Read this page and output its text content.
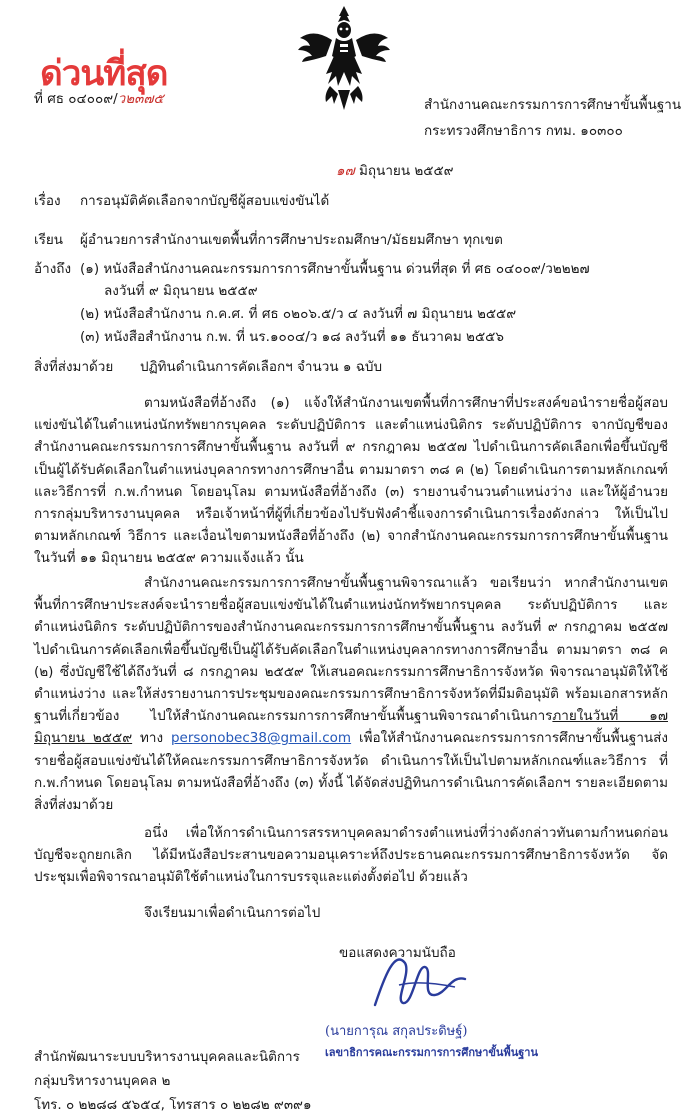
ด่วนที่สุด
ที่ ศธ ๐๔๐๐๙/ว๒๓๗๕	สำนักงานคณะกรรมการการศึกษาขั้นพื้นฐาน
กระทรวงศึกษาธิการ กทม. ๑๐๓๐๐
๑๗ มิถุนายน ๒๕๕๙
เรื่อง การอนุมัติคัดเลือกจากบัญชีผู้สอบแข่งขันได้
เรียน ผู้อำนวยการสำนักงานเขตพื้นที่การศึกษาประถมศึกษา/มัธยมศึกษา ทุกเขต
อ้างถึง (๑) หนังสือสำนักงานคณะกรรมการการศึกษาขั้นพื้นฐาน ด่วนที่สุด ที่ ศธ ๐๔๐๐๙/ว๒๒๒๗
ลงวันที่ ๙ มิถุนายน ๒๕๕๙
(๒) หนังสือสำนักงาน ก.ค.ศ. ที่ ศธ ๐๒๐๖.๕/ว ๔ ลงวันที่ ๗ มิถุนายน ๒๕๕๙
(๓) หนังสือสำนักงาน ก.พ. ที่ นร.๑๐๐๔/ว ๑๘ ลงวันที่ ๑๑ ธันวาคม ๒๕๕๖
สิ่งที่ส่งมาด้วย ปฏิทินดำเนินการคัดเลือกฯ จำนวน ๑ ฉบับ
ตามหนังสือที่อ้างถึง (๑) แจ้งให้สำนักงานเขตพื้นที่การศึกษาที่ประสงค์ขอนำรายชื่อผู้สอบแข่งขันได้ในตำแหน่งนักทรัพยากรบุคคล ระดับปฏิบัติการ และตำแหน่งนิติกร ระดับปฏิบัติการ จากบัญชีของสำนักงานคณะกรรมการการศึกษาขั้นพื้นฐาน ลงวันที่ ๙ กรกฎาคม ๒๕๕๗ ไปดำเนินการคัดเลือกเพื่อขึ้นบัญชีเป็นผู้ได้รับคัดเลือกในตำแหน่งบุคลากรทางการศึกษาอื่น ตามมาตรา ๓๘ ค (๒) โดยดำเนินการตามหลักเกณฑ์และวิธีการที่ ก.พ.กำหนด โดยอนุโลม ตามหนังสือที่อ้างถึง (๓) รายงานจำนวนตำแหน่งว่าง และให้ผู้อำนวยการกลุ่มบริหารงานบุคคล หรือเจ้าหน้าที่ผู้ที่เกี่ยวข้องไปรับฟังคำชี้แจงการดำเนินการเรื่องดังกล่าว ให้เป็นไปตามหลักเกณฑ์ วิธีการ และเงื่อนไขตามหนังสือที่อ้างถึง (๒) จากสำนักงานคณะกรรมการการศึกษาขั้นพื้นฐาน ในวันที่ ๑๑ มิถุนายน ๒๕๕๙ ความแจ้งแล้ว นั้น
สำนักงานคณะกรรมการการศึกษาขั้นพื้นฐานพิจารณาแล้ว ขอเรียนว่า หากสำนักงานเขตพื้นที่การศึกษาประสงค์จะนำรายชื่อผู้สอบแข่งขันได้ในตำแหน่งนักทรัพยากรบุคคล ระดับปฏิบัติการ และตำแหน่งนิติกร ระดับปฏิบัติการของสำนักงานคณะกรรมการการศึกษาขั้นพื้นฐาน ลงวันที่ ๙ กรกฎาคม ๒๕๕๗ ไปดำเนินการคัดเลือกเพื่อขึ้นบัญชีเป็นผู้ได้รับคัดเลือกในตำแหน่งบุคลากรทางการศึกษาอื่น ตามมาตรา ๓๘ ค (๒) ซึ่งบัญชีใช้ได้ถึงวันที่ ๘ กรกฎาคม ๒๕๕๙ ให้เสนอคณะกรรมการศึกษาธิการจังหวัด พิจารณาอนุมัติให้ใช้ตำแหน่งว่าง และให้ส่งรายงานการประชุมของคณะกรรมการศึกษาธิการจังหวัดที่มีมติอนุมัติ พร้อมเอกสารหลักฐานที่เกี่ยวข้อง ไปให้สำนักงานคณะกรรมการการศึกษาขั้นพื้นฐานพิจารณาดำเนินการภายในวันที่ ๑๗ มิถุนายน ๒๕๕๙ ทาง personobec38@gmail.com เพื่อให้สำนักงานคณะกรรมการการศึกษาขั้นพื้นฐานส่งรายชื่อผู้สอบแข่งขันได้ให้คณะกรรมการศึกษาธิการจังหวัด ดำเนินการให้เป็นไปตามหลักเกณฑ์และวิธีการ ที่ ก.พ.กำหนด โดยอนุโลม ตามหนังสือที่อ้างถึง (๓) ทั้งนี้ ได้จัดส่งปฏิทินการดำเนินการคัดเลือกฯ รายละเอียดตามสิ่งที่ส่งมาด้วย
อนึ่ง เพื่อให้การดำเนินการสรรหาบุคคลมาดำรงตำแหน่งที่ว่างดังกล่าวทันตามกำหนดก่อนบัญชีจะถูกยกเลิก ได้มีหนังสือประสานขอความอนุเคราะห์ถึงประธานคณะกรรมการศึกษาธิการจังหวัด จัดประชุมเพื่อพิจารณาอนุมัติใช้ตำแหน่งในการบรรจุและแต่งตั้งต่อไป ด้วยแล้ว
จึงเรียนมาเพื่อดำเนินการต่อไป
ขอแสดงความนับถือ
(นายการุณ สกุลประดิษฐ์)
เลขาธิการคณะกรรมการการศึกษาขั้นพื้นฐาน
สำนักพัฒนาระบบบริหารงานบุคคลและนิติการ
กลุ่มบริหารงานบุคคล ๒
โทร. ๐ ๒๒๘๘ ๕๖๕๔, โทรสาร ๐ ๒๒๘๒ ๙๓๙๑
